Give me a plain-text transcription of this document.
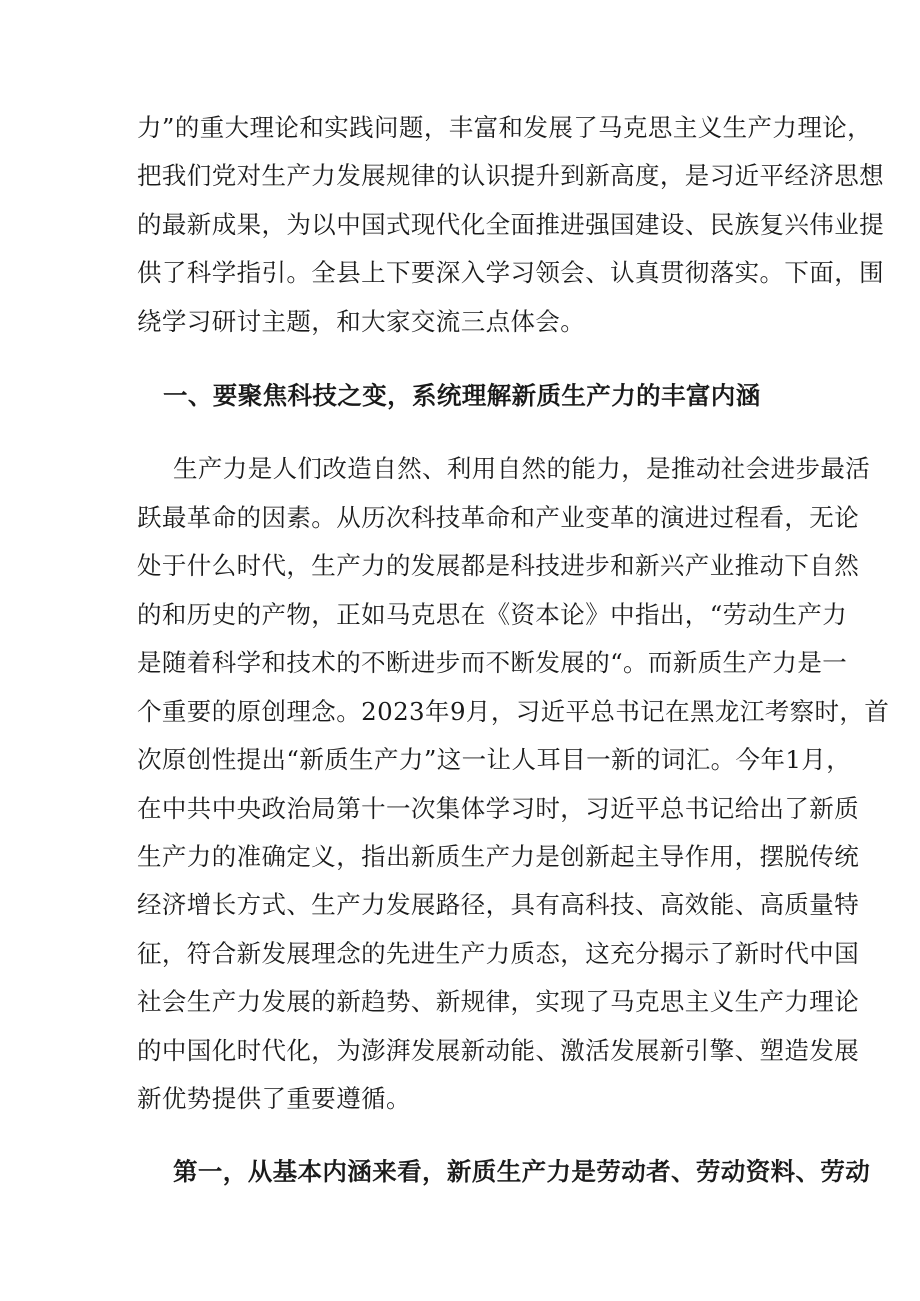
力”的重大理论和实践问题，丰富和发展了马克思主义生产力理论，
把我们党对生产力发展规律的认识提升到新高度，是习近平经济思想
的最新成果，为以中国式现代化全面推进强国建设、民族复兴伟业提
供了科学指引。全县上下要深入学习领会、认真贯彻落实。下面，围
绕学习研讨主题，和大家交流三点体会。
一、要聚焦科技之变，系统理解新质生产力的丰富内涵
生产力是人们改造自然、利用自然的能力，是推动社会进步最活
跃最革命的因素。从历次科技革命和产业变革的演进过程看，无论
处于什么时代，生产力的发展都是科技进步和新兴产业推动下自然
的和历史的产物，正如马克思在《资本论》中指出，“劳动生产力
是随着科学和技术的不断进步而不断发展的“。而新质生产力是一
个重要的原创理念。2023年9月，习近平总书记在黑龙江考察时，首
次原创性提出“新质生产力”这一让人耳目一新的词汇。今年1月，
在中共中央政治局第十一次集体学习时，习近平总书记给出了新质
生产力的准确定义，指出新质生产力是创新起主导作用，摆脱传统
经济增长方式、生产力发展路径，具有高科技、高效能、高质量特
征，符合新发展理念的先进生产力质态，这充分揭示了新时代中国
社会生产力发展的新趋势、新规律，实现了马克思主义生产力理论
的中国化时代化，为澎湃发展新动能、激活发展新引擎、塑造发展
新优势提供了重要遵循。
第一，从基本内涵来看，新质生产力是劳动者、劳动资料、劳动
